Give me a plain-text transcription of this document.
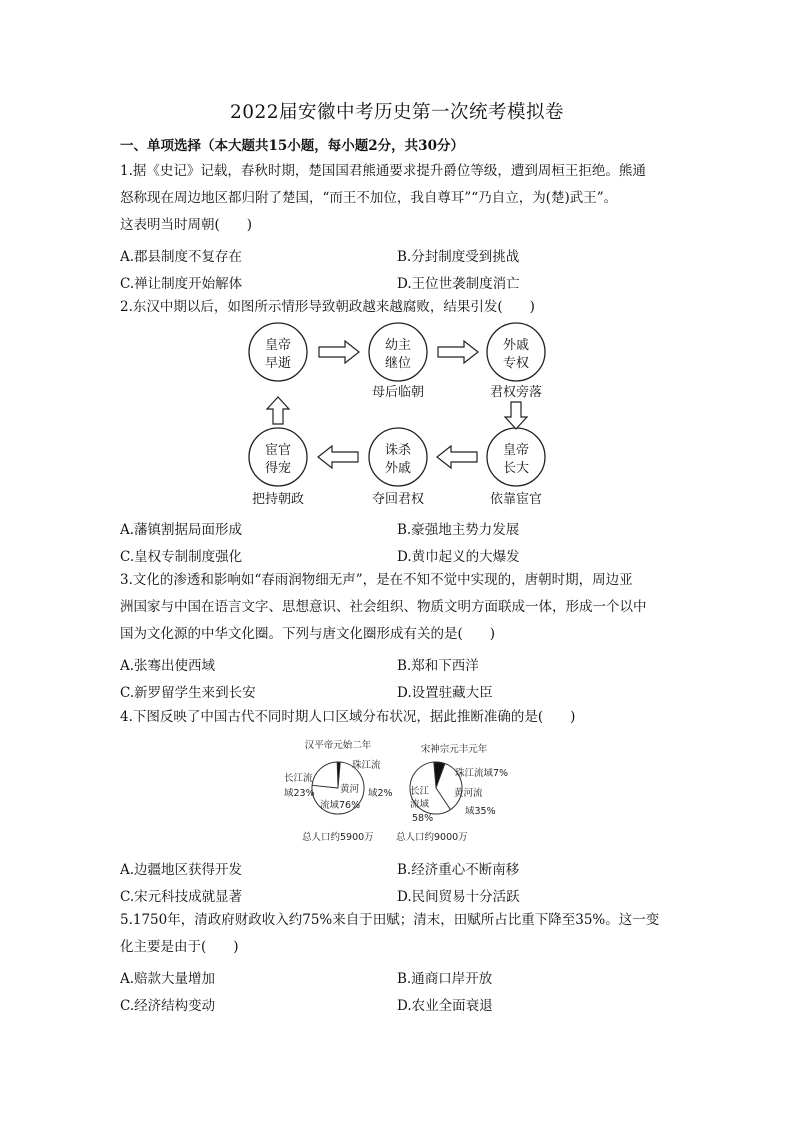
2022届安徽中考历史第一次统考模拟卷
一、单项选择（本大题共15小题，每小题2分，共30分）
1.据《史记》记载，春秋时期，楚国国君熊通要求提升爵位等级，遭到周桓王拒绝。熊通
怒称现在周边地区都归附了楚国，“而王不加位，我自尊耳”“乃自立，为(楚)武王”。
这表明当时周朝(　　)
A.郡县制度不复存在	B.分封制度受到挑战
C.禅让制度开始解体	D.王位世袭制度消亡
2.东汉中期以后，如图所示情形导致朝政越来越腐败，结果引发(　　)
皇帝
早逝
幼主
继位
外戚
专权
宦官
得宠
诛杀
外戚
皇帝
长大
母后临朝	君权旁落
把持朝政	夺回君权	依靠宦官
A.藩镇割据局面形成	B.豪强地主势力发展
C.皇权专制制度强化	D.黄巾起义的大爆发
3.文化的渗透和影响如“春雨润物细无声”，是在不知不觉中实现的，唐朝时期，周边亚
洲国家与中国在语言文字、思想意识、社会组织、物质文明方面联成一体，形成一个以中
国为文化源的中华文化圈。下列与唐文化圈形成有关的是(　　)
A.张骞出使西域	B.郑和下西洋
C.新罗留学生来到长安	D.设置驻藏大臣
4.下图反映了中国古代不同时期人口区域分布状况，据此推断准确的是(　　)
汉平帝元始二年
长江流
域23%
珠江流
域2%
黄河
流域76%
总人口约5900万
宋神宗元丰元年
珠江流域7%
黄河流
域35%
长江
流域
58%
总人口约9000万
A.边疆地区获得开发	B.经济重心不断南移
C.宋元科技成就显著	D.民间贸易十分活跃
5.1750年，清政府财政收入约75%来自于田赋；清末，田赋所占比重下降至35%。这一变
化主要是由于(　　)
A.赔款大量增加	B.通商口岸开放
C.经济结构变动	D.农业全面衰退
